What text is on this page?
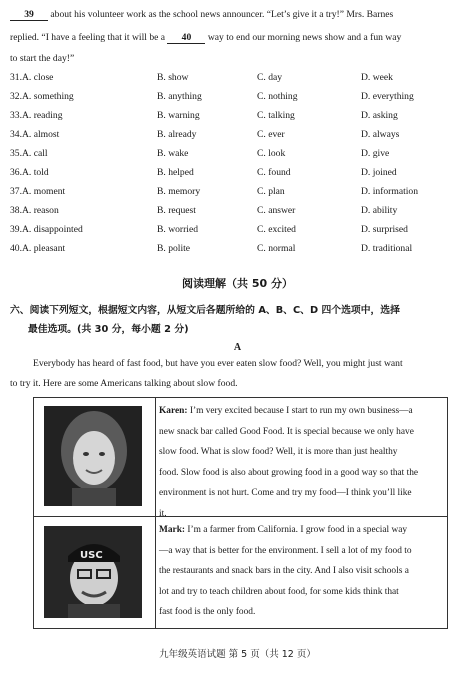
39 about his volunteer work as the school news announcer. “Let’s give it a try!” Mrs. Barnes
replied. “I have a feeling that it will be a 40 way to end our morning news show and a fun way
to start the day!”
31. A. close	B. show	C. day	D. week
32. A. something	B. anything	C. nothing	D. everything
33. A. reading	B. warning	C. talking	D. asking
34. A. almost	B. already	C. ever	D. always
35. A. call	B. wake	C. look	D. give
36. A. told	B. helped	C. found	D. joined
37. A. moment	B. memory	C. plan	D. information
38. A. reason	B. request	C. answer	D. ability
39. A. disappointed	B. worried	C. excited	D. surprised
40. A. pleasant	B. polite	C. normal	D. traditional
阅读理解（共 50 分）
六、阅读下列短文，根据短文内容，从短文后各题所给的 A、B、C、D 四个选项中，选择
最佳选项。(共 30 分，每小题 2 分)
A
Everybody has heard of fast food, but have you ever eaten slow food? Well, you might just want
to try it. Here are some Americans talking about slow food.
Karen: I’m very excited because I start to run my own business—a
new snack bar called Good Food. It is special because we only have
slow food. What is slow food? Well, it is more than just healthy
food. Slow food is also about growing food in a good way so that the
environment is not hurt. Come and try my food—I think you’ll like
it.
USC
Mark: I’m a farmer from California. I grow food in a special way
—a way that is better for the environment. I sell a lot of my food to
the restaurants and snack bars in the city. And I also visit schools a
lot and try to teach children about food, for some kids think that
fast food is the only food.
九年级英语试题 第 5 页（共 12 页）
